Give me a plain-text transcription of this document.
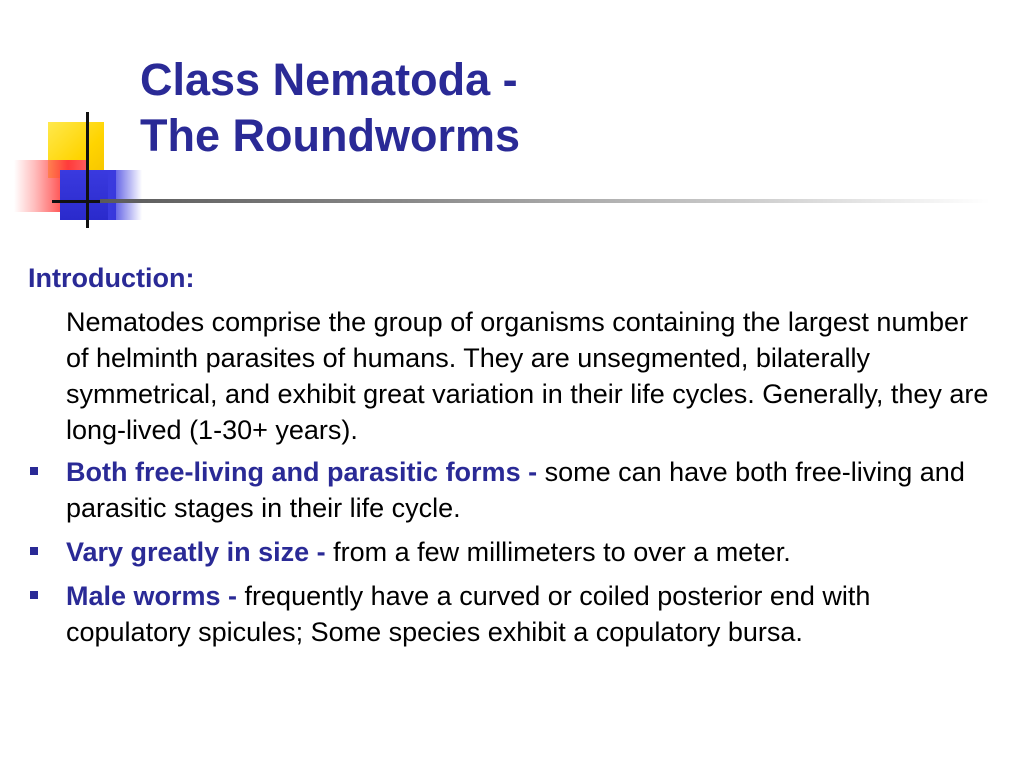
Class Nematoda -
The Roundworms
Introduction:
Nematodes comprise the group of organisms containing the largest number of helminth parasites of humans. They are unsegmented, bilaterally symmetrical, and exhibit great variation in their life cycles. Generally, they are long-lived (1-30+ years).
Both free-living and parasitic forms - some can have both free-living and parasitic stages in their life cycle.
Vary greatly in size - from a few millimeters to over a meter.
Male worms - frequently have a curved or coiled posterior end with copulatory spicules; Some species exhibit a copulatory bursa.
